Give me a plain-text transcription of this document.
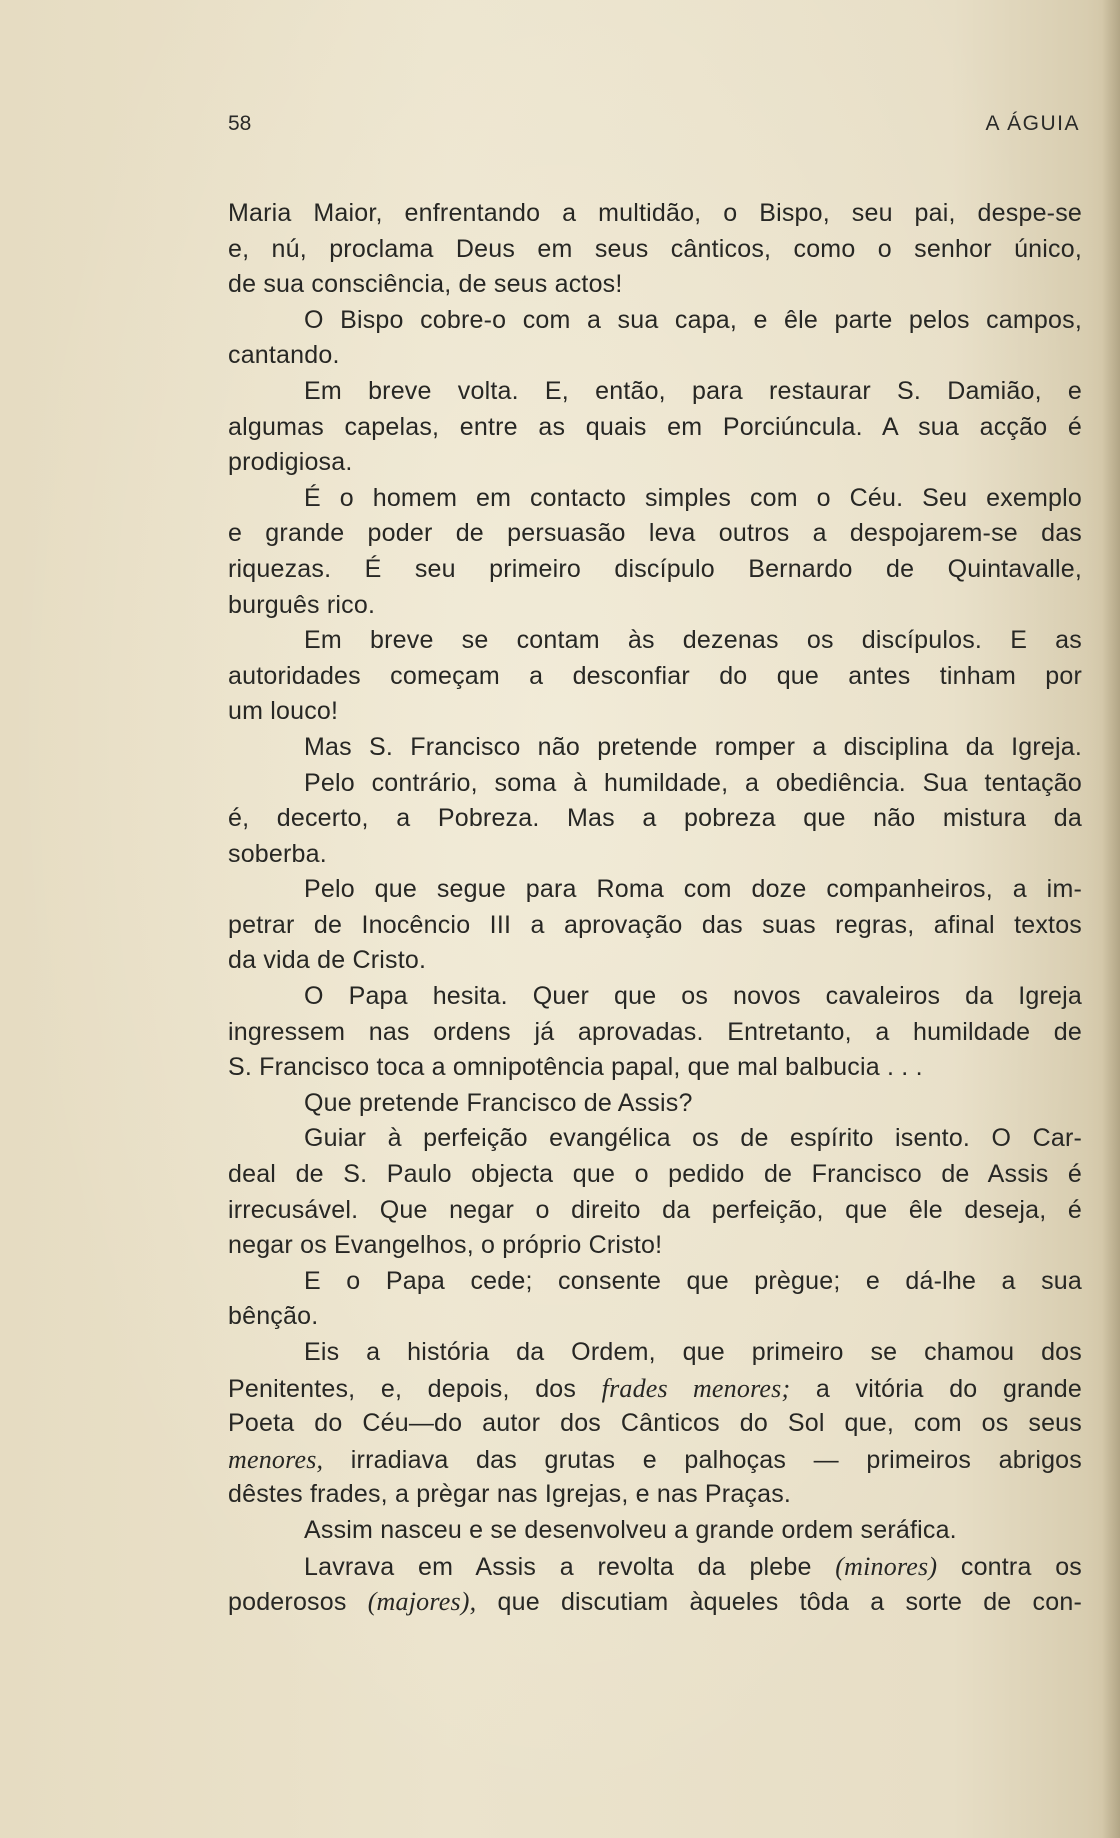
58	A ÁGUIA
Maria Maior, enfrentando a multidão, o Bispo, seu pai, despe-se
e, nú, proclama Deus em seus cânticos, como o senhor único,
de sua consciência, de seus actos!
O Bispo cobre-o com a sua capa, e êle parte pelos campos,
cantando.
Em breve volta. E, então, para restaurar S. Damião, e
algumas capelas, entre as quais em Porciúncula. A sua acção é
prodigiosa.
É o homem em contacto simples com o Céu. Seu exemplo
e grande poder de persuasão leva outros a despojarem-se das
riquezas. É seu primeiro discípulo Bernardo de Quintavalle,
burguês rico.
Em breve se contam às dezenas os discípulos. E as
autoridades começam a desconfiar do que antes tinham por
um louco!
Mas S. Francisco não pretende romper a disciplina da Igreja.
Pelo contrário, soma à humildade, a obediência. Sua tentação
é, decerto, a Pobreza. Mas a pobreza que não mistura da
soberba.
Pelo que segue para Roma com doze companheiros, a im-
petrar de Inocêncio III a aprovação das suas regras, afinal textos
da vida de Cristo.
O Papa hesita. Quer que os novos cavaleiros da Igreja
ingressem nas ordens já aprovadas. Entretanto, a humildade de
S. Francisco toca a omnipotência papal, que mal balbucia . . .
Que pretende Francisco de Assis?
Guiar à perfeição evangélica os de espírito isento. O Car-
deal de S. Paulo objecta que o pedido de Francisco de Assis é
irrecusável. Que negar o direito da perfeição, que êle deseja, é
negar os Evangelhos, o próprio Cristo!
E o Papa cede; consente que prègue; e dá-lhe a sua
bênção.
Eis a história da Ordem, que primeiro se chamou dos
Penitentes, e, depois, dos frades menores; a vitória do grande
Poeta do Céu—do autor dos Cânticos do Sol que, com os seus
menores, irradiava das grutas e palhoças — primeiros abrigos
dêstes frades, a prègar nas Igrejas, e nas Praças.
Assim nasceu e se desenvolveu a grande ordem seráfica.
Lavrava em Assis a revolta da plebe (minores) contra os
poderosos (majores), que discutiam àqueles tôda a sorte de con-
